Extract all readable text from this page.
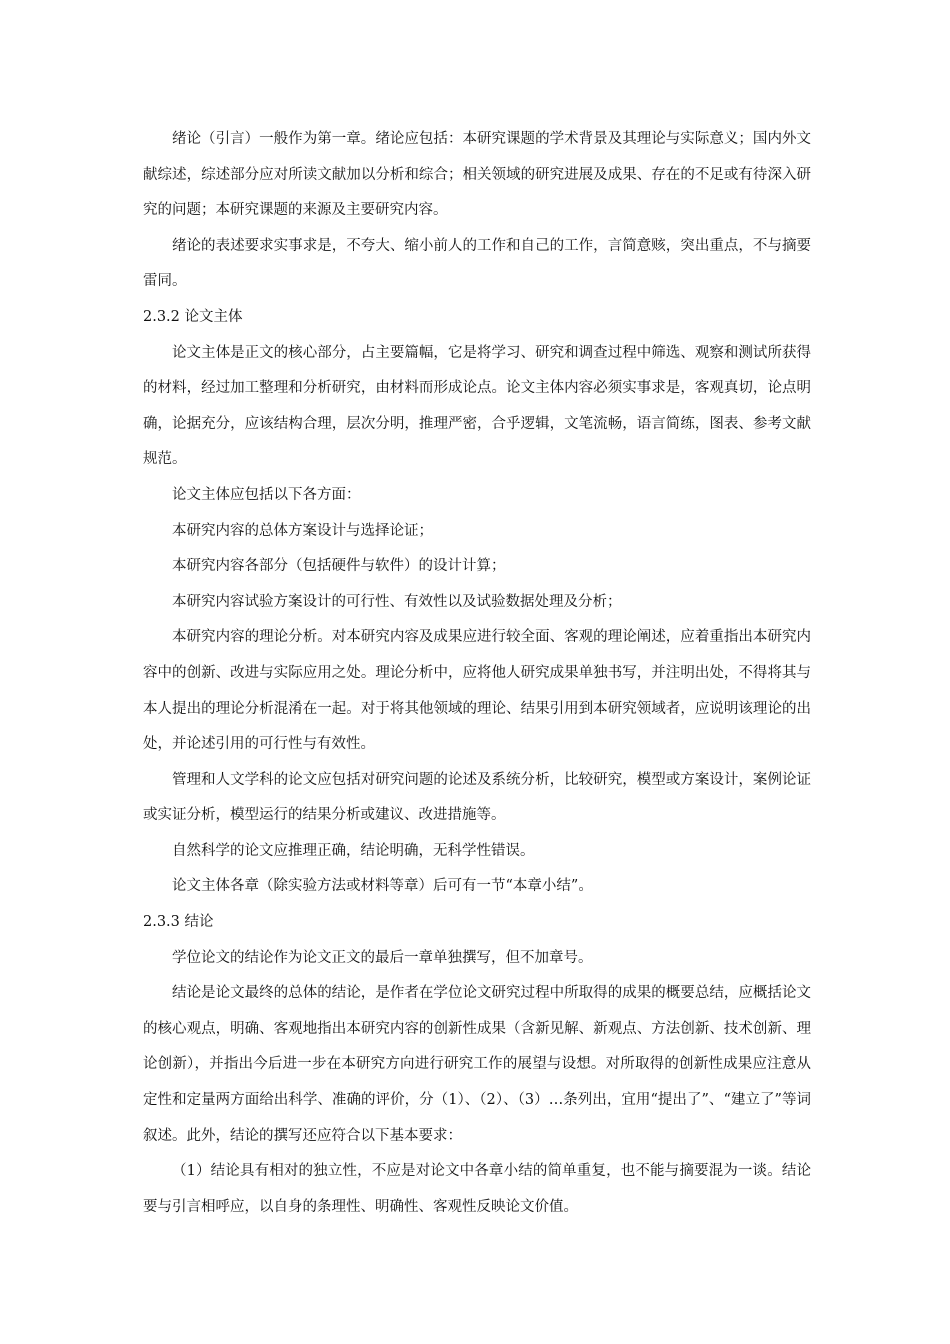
绪论（引言）一般作为第一章。绪论应包括：本研究课题的学术背景及其理论与实际意义；国内外文献综述，综述部分应对所读文献加以分析和综合；相关领域的研究进展及成果、存在的不足或有待深入研究的问题；本研究课题的来源及主要研究内容。

绪论的表述要求实事求是，不夸大、缩小前人的工作和自己的工作，言简意赅，突出重点，不与摘要雷同。

2.3.2 论文主体

论文主体是正文的核心部分，占主要篇幅，它是将学习、研究和调查过程中筛选、观察和测试所获得的材料，经过加工整理和分析研究，由材料而形成论点。论文主体内容必须实事求是，客观真切，论点明确，论据充分，应该结构合理，层次分明，推理严密，合乎逻辑，文笔流畅，语言简练，图表、参考文献规范。

论文主体应包括以下各方面：

本研究内容的总体方案设计与选择论证；

本研究内容各部分（包括硬件与软件）的设计计算；

本研究内容试验方案设计的可行性、有效性以及试验数据处理及分析；

本研究内容的理论分析。对本研究内容及成果应进行较全面、客观的理论阐述，应着重指出本研究内容中的创新、改进与实际应用之处。理论分析中，应将他人研究成果单独书写，并注明出处，不得将其与本人提出的理论分析混淆在一起。对于将其他领域的理论、结果引用到本研究领域者，应说明该理论的出处，并论述引用的可行性与有效性。

管理和人文学科的论文应包括对研究问题的论述及系统分析，比较研究，模型或方案设计，案例论证或实证分析，模型运行的结果分析或建议、改进措施等。

自然科学的论文应推理正确，结论明确，无科学性错误。

论文主体各章（除实验方法或材料等章）后可有一节“本章小结”。

2.3.3 结论

学位论文的结论作为论文正文的最后一章单独撰写，但不加章号。

结论是论文最终的总体的结论，是作者在学位论文研究过程中所取得的成果的概要总结，应概括论文的核心观点，明确、客观地指出本研究内容的创新性成果（含新见解、新观点、方法创新、技术创新、理论创新），并指出今后进一步在本研究方向进行研究工作的展望与设想。对所取得的创新性成果应注意从定性和定量两方面给出科学、准确的评价，分（1）、（2）、（3）…条列出，宜用“提出了”、“建立了”等词叙述。此外，结论的撰写还应符合以下基本要求：

（1）结论具有相对的独立性，不应是对论文中各章小结的简单重复，也不能与摘要混为一谈。结论要与引言相呼应，以自身的条理性、明确性、客观性反映论文价值。
